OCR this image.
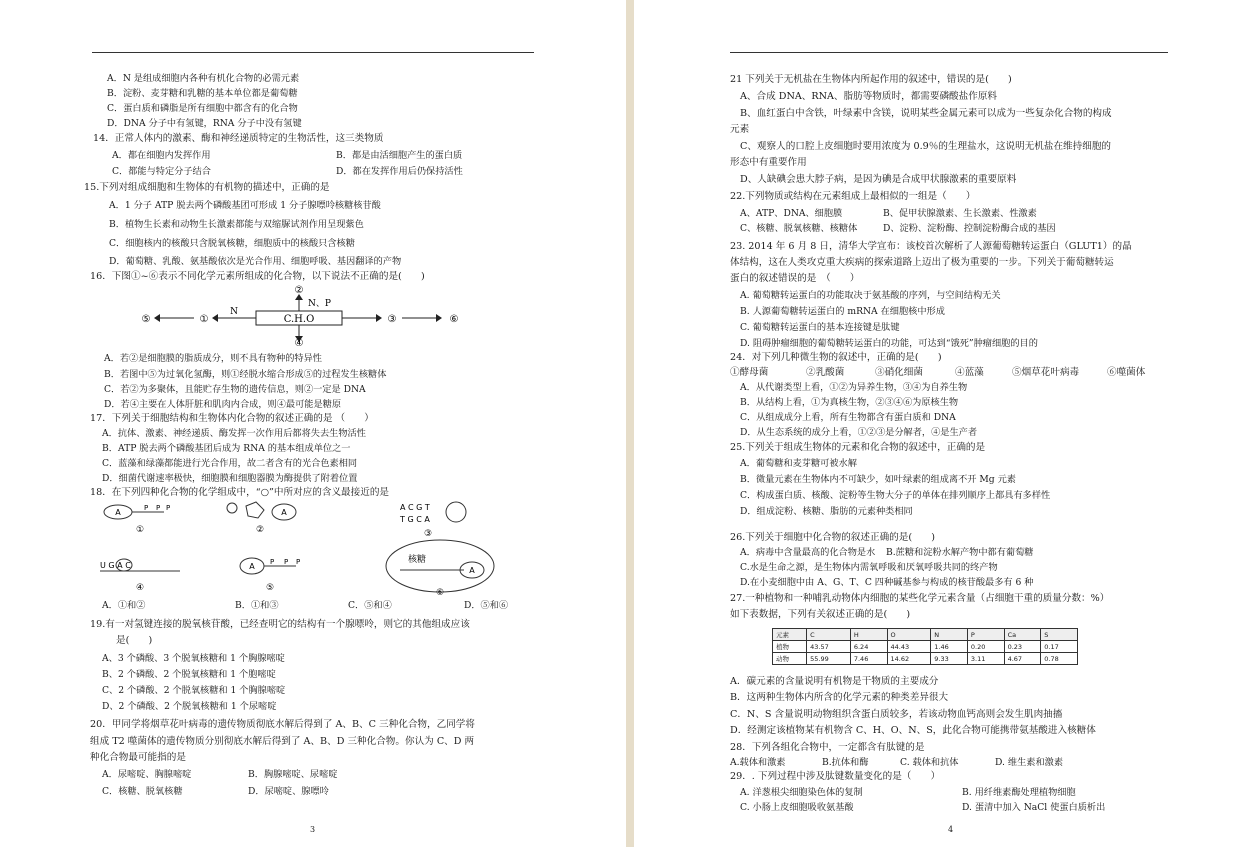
A．N 是组成细胞内各种有机化合物的必需元素
B．淀粉、麦芽糖和乳糖的基本单位都是葡萄糖
C．蛋白质和磷脂是所有细胞中都含有的化合物
D．DNA 分子中有氢键，RNA 分子中没有氢键
14．正常人体内的激素、酶和神经递质特定的生物活性，这三类物质
A．都在细胞内发挥作用	B．都是由活细胞产生的蛋白质
C．都能与特定分子结合	D．都在发挥作用后仍保持活性
15.下列对组成细胞和生物体的有机物的描述中，正确的是
A．1 分子 ATP 脱去两个磷酸基团可形成 1 分子腺嘌呤核糖核苷酸
B．植物生长素和动物生长激素都能与双缩脲试剂作用呈现紫色
C．细胞核内的核酸只含脱氧核糖，细胞质中的核酸只含核糖
D．葡萄糖、乳酸、氨基酸依次是光合作用、细胞呼吸、基因翻译的产物
16．下图①~⑥表示不同化学元素所组成的化合物，以下说法不正确的是(　　)
C.H.O
②
N、P
N
①
⑤	③	⑥
④
A．若②是细胞膜的脂质成分，则不具有物种的特异性
B．若图中⑤为过氧化氢酶，则①经脱水缩合形成⑤的过程发生核糖体
C．若②为多聚体，且能贮存生物的遗传信息，则②一定是 DNA
D．若④主要在人体肝脏和肌肉内合成，则④最可能是糖原
17．下列关于细胞结构和生物体内化合物的叙述正确的是 （　　）
A．抗体、激素、神经递质、酶发挥一次作用后都将失去生物活性
B．ATP 脱去两个磷酸基团后成为 RNA 的基本组成单位之一
C．蓝藻和绿藻都能进行光合作用，故二者含有的光合色素相同
D．细菌代谢速率极快，细胞膜和细胞器膜为酶提供了附着位置
18．在下列四种化合物的化学组成中，“○”中所对应的含义最接近的是
A	P P P
①
A
②
A C G T
T G C A
③
U G A C
④
A P P P
⑤
核糖
A
⑥
A．①和②	B．①和③	C．⑤和④	D．⑤和⑥
19.有一对氢键连接的脱氧核苷酸，已经查明它的结构有一个腺嘌呤，则它的其他组成应该
是(　　)
A、3 个磷酸、3 个脱氧核糖和 1 个胸腺嘧啶
B、2 个磷酸、2 个脱氧核糖和 1 个胞嘧啶
C、2 个磷酸、2 个脱氧核糖和 1 个胸腺嘧啶
D、2 个磷酸、2 个脱氧核糖和 1 个尿嘧啶
20．甲同学将烟草花叶病毒的遗传物质彻底水解后得到了 A、B、C 三种化合物，乙同学将
组成 T2 噬菌体的遗传物质分别彻底水解后得到了 A、B、D 三种化合物。你认为 C、D 两
种化合物最可能指的是
A．尿嘧啶、胸腺嘧啶	B．胸腺嘧啶、尿嘧啶
C．核糖、脱氧核糖	D．尿嘧啶、腺嘌呤
3
21 下列关于无机盐在生物体内所起作用的叙述中，错误的是(　　)
A、合成 DNA、RNA、脂肪等物质时，都需要磷酸盐作原料
B、血红蛋白中含铁，叶绿素中含镁，说明某些金属元素可以成为一些复杂化合物的构成
元素
C、观察人的口腔上皮细胞时要用浓度为 0.9％的生理盐水，这说明无机盐在维持细胞的
形态中有重要作用
D、人缺碘会患大脖子病，是因为碘是合成甲状腺激素的重要原料
22.下列物质或结构在元素组成上最相似的一组是（　　）
A、ATP、DNA、细胞膜	B、促甲状腺激素、生长激素、性激素
C、核糖、脱氧核糖、核糖体	D、淀粉、淀粉酶、控制淀粉酶合成的基因
23. 2014 年 6 月 8 日，清华大学宣布：该校首次解析了人源葡萄糖转运蛋白（GLUT1）的晶
体结构，这在人类攻克重大疾病的探索道路上迈出了极为重要的一步。下列关于葡萄糖转运
蛋白的叙述错误的是　（　　）
A. 葡萄糖转运蛋白的功能取决于氨基酸的序列，与空间结构无关
B. 人源葡萄糖转运蛋白的 mRNA 在细胞核中形成
C. 葡萄糖转运蛋白的基本连接键是肽键
D. 阻碍肿瘤细胞的葡萄糖转运蛋白的功能，可达到“饿死”肿瘤细胞的目的
24．对下列几种微生物的叙述中，正确的是(　　)
①酵母菌	②乳酸菌	③硝化细菌	④蓝藻	⑤烟草花叶病毒	⑥噬菌体
A．从代谢类型上看，①②为异养生物，③④为自养生物
B．从结构上看，①为真核生物，②③④⑥为原核生物
C．从组成成分上看，所有生物都含有蛋白质和 DNA
D．从生态系统的成分上看，①②③是分解者，④是生产者
25.下列关于组成生物体的元素和化合物的叙述中，正确的是
A．葡萄糖和麦芽糖可被水解
B．微量元素在生物体内不可缺少，如叶绿素的组成离不开 Mg 元素
C．构成蛋白质、核酸、淀粉等生物大分子的单体在排列顺序上都具有多样性
D．组成淀粉、核糖、脂肪的元素种类相同
26.下列关于细胞中化合物的叙述正确的是(　　)
A．病毒中含量最高的化合物是水 B.蔗糖和淀粉水解产物中都有葡萄糖
C.水是生命之源，是生物体内需氧呼吸和厌氧呼吸共同的终产物
D.在小麦细胞中由 A、G、T、C 四种碱基参与构成的核苷酸最多有 6 种
27.一种植物和一种哺乳动物体内细胞的某些化学元素含量（占细胞干重的质量分数：%）
如下表数据，下列有关叙述正确的是(　　)
元素	C	H	O	N	P	Ca	S
植物	43.57	6.24	44.43	1.46	0.20	0.23	0.17
动物	55.99	7.46	14.62	9.33	3.11	4.67	0.78
A．碳元素的含量说明有机物是干物质的主要成分
B．这两种生物体内所含的化学元素的种类差异很大
C．N、S 含量说明动物组织含蛋白质较多，若该动物血钙高则会发生肌肉抽搐
D．经测定该植物某有机物含 C、H、O、N、S，此化合物可能携带氨基酸进入核糖体
28．下列各组化合物中，一定都含有肽键的是
A.载体和激素	B.抗体和酶	C. 载体和抗体	D. 维生素和激素
29．. 下列过程中涉及肽键数量变化的是（　　）
A. 洋葱根尖细胞染色体的复制	B. 用纤维素酶处理植物细胞
C. 小肠上皮细胞吸收氨基酸	D. 蛋清中加入 NaCl 使蛋白质析出
4
